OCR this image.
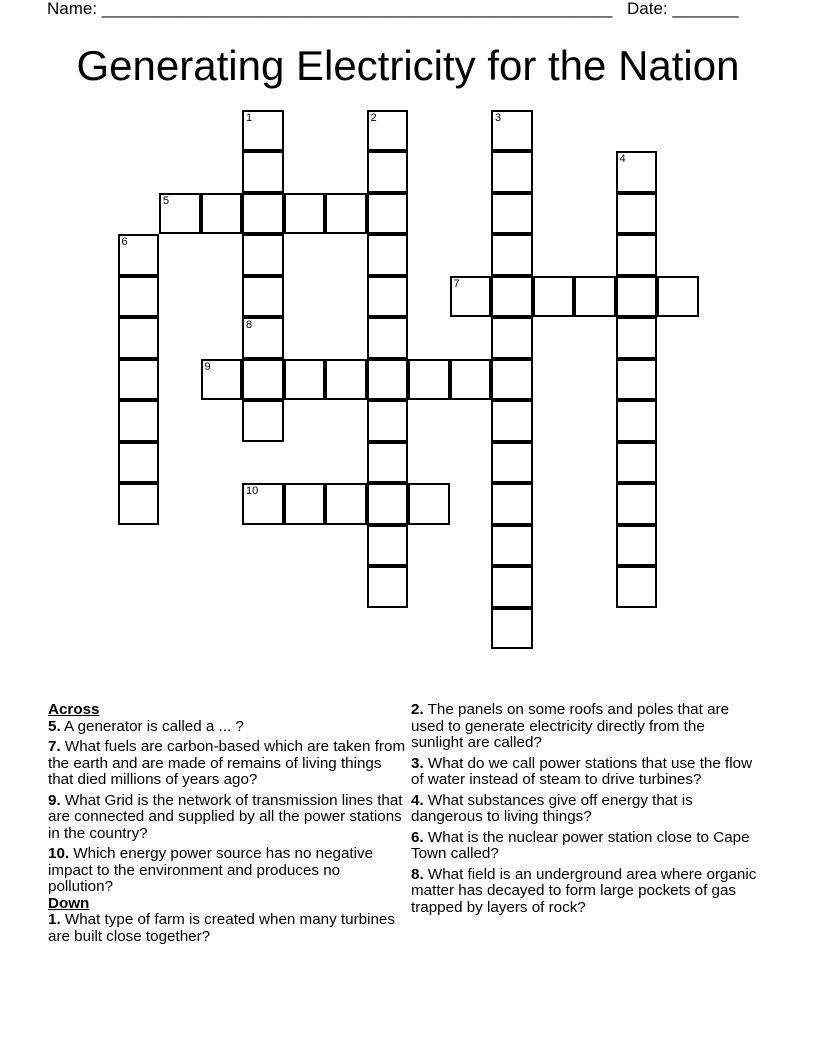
Name: ______________________________________________________ Date: _______
Generating Electricity for the Nation
1	2	3
4
5
6
7
8
9
10
Across
5. A generator is called a ... ?
7. What fuels are carbon-based which are taken from the earth and are made of remains of living things that died millions of years ago?
9. What Grid is the network of transmission lines that are connected and supplied by all the power stations in the country?
10. Which energy power source has no negative impact to the environment and produces no pollution?
Down
1. What type of farm is created when many turbines are built close together?
2. The panels on some roofs and poles that are used to generate electricity directly from the sunlight are called?
3. What do we call power stations that use the flow of water instead of steam to drive turbines?
4. What substances give off energy that is dangerous to living things?
6. What is the nuclear power station close to Cape Town called?
8. What field is an underground area where organic matter has decayed to form large pockets of gas trapped by layers of rock?
